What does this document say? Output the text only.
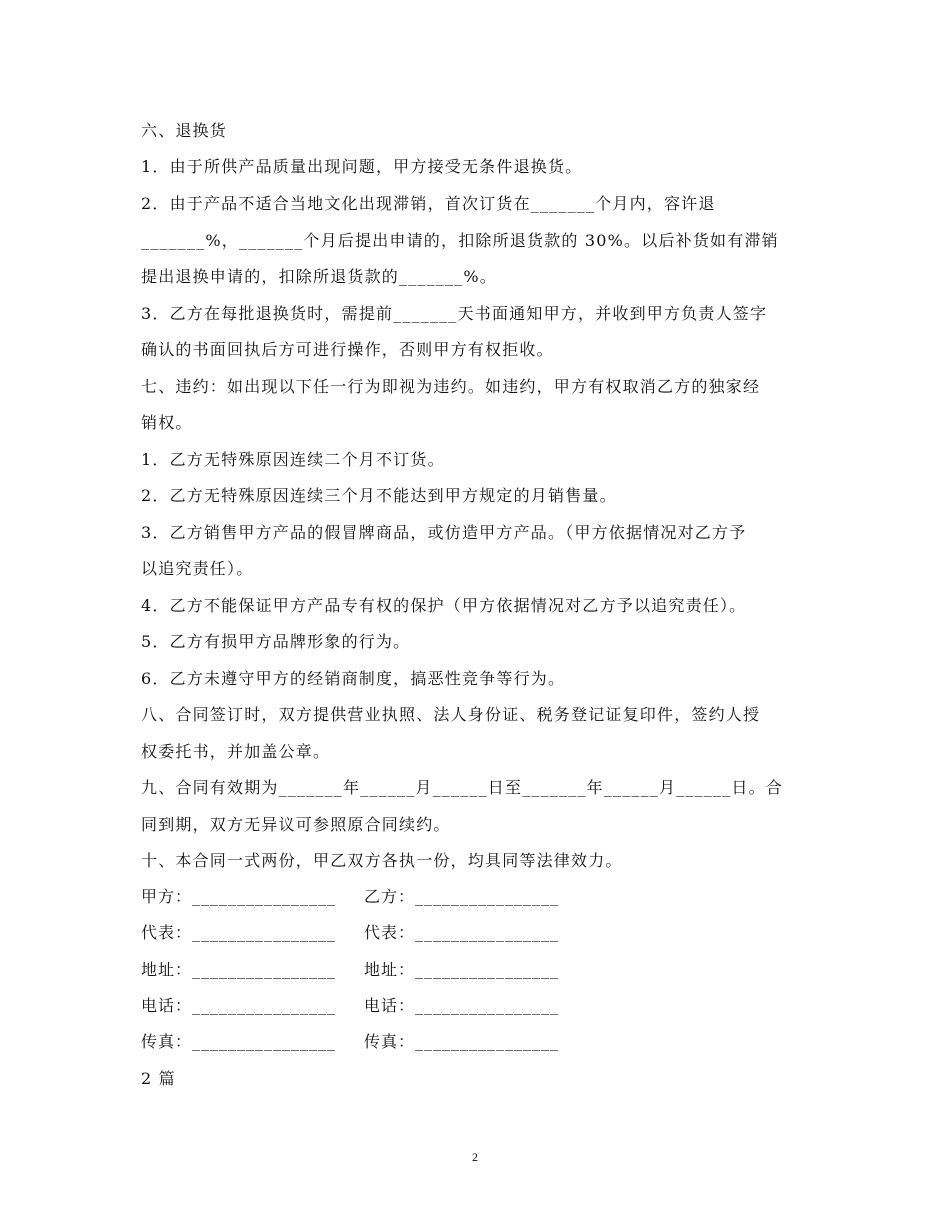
六、退换货
1．由于所供产品质量出现问题，甲方接受无条件退换货。
2．由于产品不适合当地文化出现滞销，首次订货在_______个月内，容许退
_______%，_______个月后提出申请的，扣除所退货款的 30%。以后补货如有滞销
提出退换申请的，扣除所退货款的_______%。
3．乙方在每批退换货时，需提前_______天书面通知甲方，并收到甲方负责人签字
确认的书面回执后方可进行操作，否则甲方有权拒收。
七、违约：如出现以下任一行为即视为违约。如违约，甲方有权取消乙方的独家经
销权。
1．乙方无特殊原因连续二个月不订货。
2．乙方无特殊原因连续三个月不能达到甲方规定的月销售量。
3．乙方销售甲方产品的假冒牌商品，或仿造甲方产品。（甲方依据情况对乙方予
以追究责任）。
4．乙方不能保证甲方产品专有权的保护（甲方依据情况对乙方予以追究责任）。
5．乙方有损甲方品牌形象的行为。
6．乙方未遵守甲方的经销商制度，搞恶性竞争等行为。
八、合同签订时，双方提供营业执照、法人身份证、税务登记证复印件，签约人授
权委托书，并加盖公章。
九、合同有效期为_______年______月______日至_______年______月______日。合
同到期，双方无异议可参照原合同续约。
十、本合同一式两份，甲乙双方各执一份，均具同等法律效力。
甲方：________________ 乙方：________________
代表：________________ 代表：________________
地址：________________ 地址：________________
电话：________________ 电话：________________
传真：________________ 传真：________________
2 篇
2
